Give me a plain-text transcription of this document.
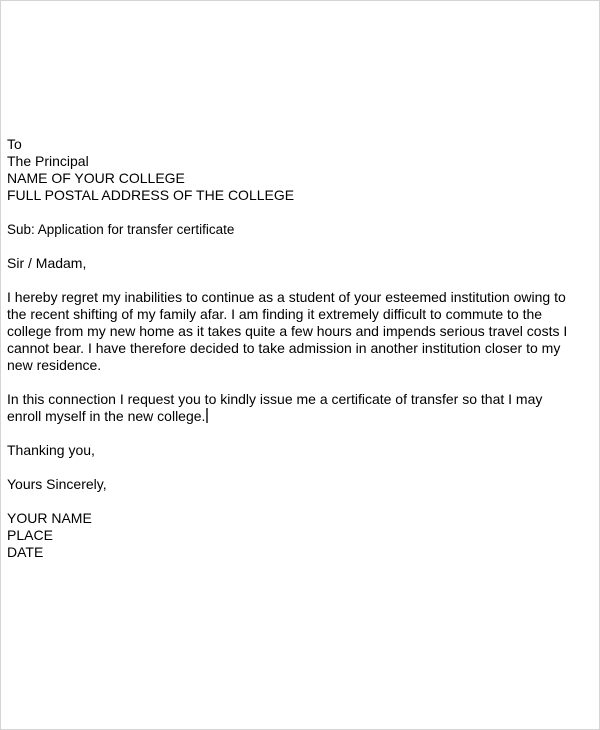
To
The Principal
NAME OF YOUR COLLEGE
FULL POSTAL ADDRESS OF THE COLLEGE
Sub: Application for transfer certificate
Sir / Madam,
I hereby regret my inabilities to continue as a student of your esteemed institution owing to
the recent shifting of my family afar. I am finding it extremely difficult to commute to the
college from my new home as it takes quite a few hours and impends serious travel costs I
cannot bear. I have therefore decided to take admission in another institution closer to my
new residence.
In this connection I request you to kindly issue me a certificate of transfer so that I may
enroll myself in the new college.
Thanking you,
Yours Sincerely,
YOUR NAME
PLACE
DATE
